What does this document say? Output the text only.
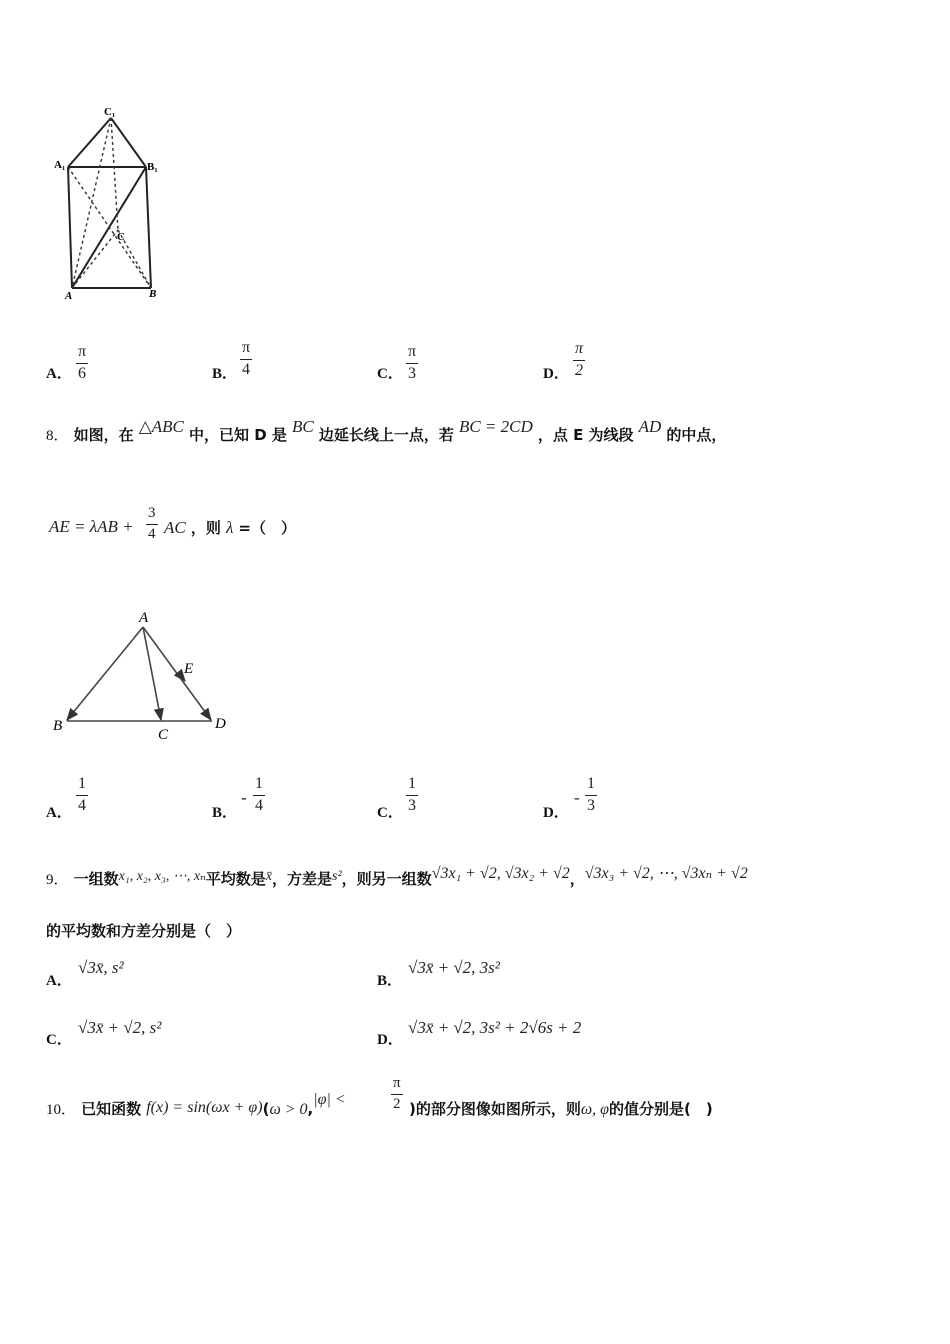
C₁
A₁	B₁
C
A	B
A．
π
6	B．
π
4	C．
π
3	D．
π
2
8． 如图，在 △ABC 中，已知 D 是 BC 边延长线上一点，若 BC = 2CD ，点 E 为线段 AD 的中点，
AE = λAB +
3
4 AC ，则 λ =（　）
A
E
B
C
D
A．
1
4	B．
-
1
4	C．
1
3	D．
-
1
3
9． 一组数x₁, x₂, x₃, ⋯, xₙ平均数是x̄，方差是s²，则另一组数√3x₁ + √2, √3x₂ + √2，√3x₃ + √2, ⋯, √3xₙ + √2
的平均数和方差分别是（　）
A．
√3x̄, s²
B．
√3x̄ + √2, 3s²
C．
√3x̄ + √2, s²
D．
√3x̄ + √2, 3s² + 2√6s + 2
10． 已知函数 f(x) = sin(ωx + φ)(ω > 0,|φ| <
π
2 )的部分图像如图所示，则ω, φ的值分别是(　)
